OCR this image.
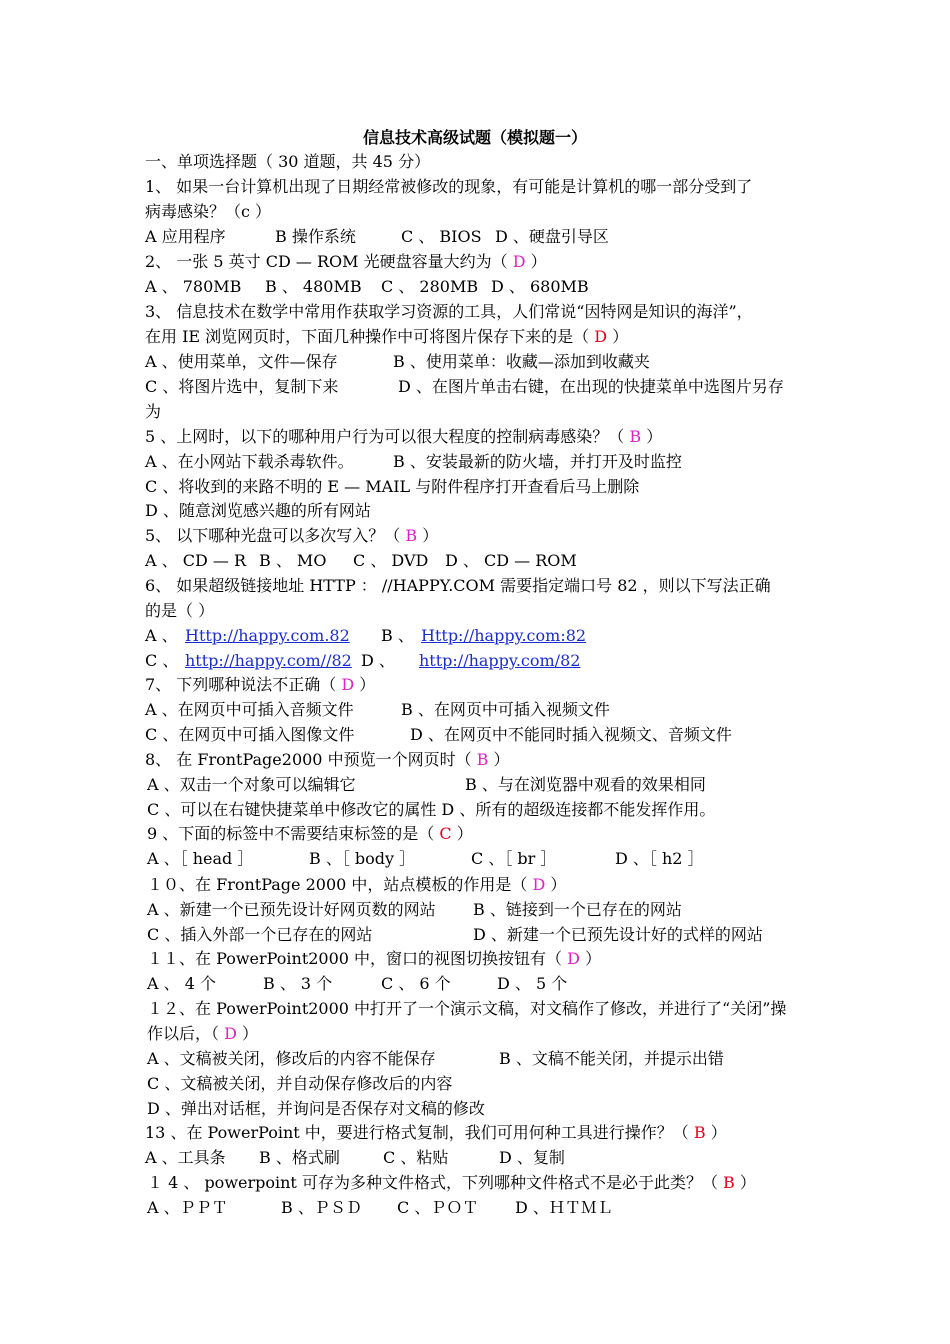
信息技术高级试题（模拟题一）
一、单项选择题（ 30 道题，共 45 分）
1、 如果一台计算机出现了日期经常被修改的现象，有可能是计算机的哪一部分受到了
病毒感染？（c ）
A 应用程序	B 操作系统	C 、 BIOS D 、硬盘引导区
2、 一张 5 英寸 CD — ROM 光硬盘容量大约为（ D ）
A 、 780MB B 、 480MB C 、 280MB D 、 680MB
3、 信息技术在数学中常用作获取学习资源的工具，人们常说“因特网是知识的海洋”，
在用 IE 浏览网页时，下面几种操作中可将图片保存下来的是（ D ）
A 、使用菜单，文件—保存	B 、使用菜单：收藏—添加到收藏夹
C 、将图片选中，复制下来	D 、在图片单击右键，在出现的快捷菜单中选图片另存
为
5 、上网时，以下的哪种用户行为可以很大程度的控制病毒感染？（ B ）
A 、在小网站下载杀毒软件。 B 、安装最新的防火墙，并打开及时监控
C 、将收到的来路不明的 E — MAIL 与附件程序打开查看后马上删除
D 、随意浏览感兴趣的所有网站
5、 以下哪种光盘可以多次写入？（ B ）
A 、 CD — R B 、 MO C 、 DVD D 、 CD — ROM
6、 如果超级链接地址 HTTP ： //HAPPY.COM 需要指定端口号 82 ，则以下写法正确
的是（ ）
A 、 Http://happy.com.82 B 、 Http://happy.com:82
C 、 http://happy.com//82 D 、 http://happy.com/82
7、 下列哪种说法不正确（ D ）
A 、在网页中可插入音频文件	B 、在网页中可插入视频文件
C 、在网页中可插入图像文件	D 、在网页中不能同时插入视频文、音频文件
8、 在 FrontPage2000 中预览一个网页时（ B ）
A 、双击一个对象可以编辑它	B 、与在浏览器中观看的效果相同
C 、可以在右键快捷菜单中修改它的属性 D 、所有的超级连接都不能发挥作用。
9 、下面的标签中不需要结束标签的是（ C ）
A 、［ head ］	B 、［ body ］	C 、［ br ］	D 、［ h2 ］
１０、在 FrontPage 2000 中，站点模板的作用是（ D ）
A 、新建一个已预先设计好网页数的网站 B 、链接到一个已存在的网站
C 、插入外部一个已存在的网站	D 、新建一个已预先设计好的式样的网站
１１、在 PowerPoint2000 中，窗口的视图切换按钮有（ D ）
A 、 4 个	B 、 3 个	C 、 6 个	D 、 5 个
１２、在 PowerPoint2000 中打开了一个演示文稿，对文稿作了修改，并进行了“关闭”操
作以后，（ D ）
A 、文稿被关闭，修改后的内容不能保存	B 、文稿不能关闭，并提示出错
C 、文稿被关闭，并自动保存修改后的内容
D 、弹出对话框，并询问是否保存对文稿的修改
13 、在 PowerPoint 中，要进行格式复制，我们可用何种工具进行操作？（ B ）
A 、工具条 B 、格式刷	C 、粘贴	D 、复制
１ 4 、 powerpoint 可存为多种文件格式，下列哪种文件格式不是必于此类？（ B ）
A 、ＰＰＴ	B 、ＰＳＤ C 、ＰＯＴ D 、ＨＴＭＬ
